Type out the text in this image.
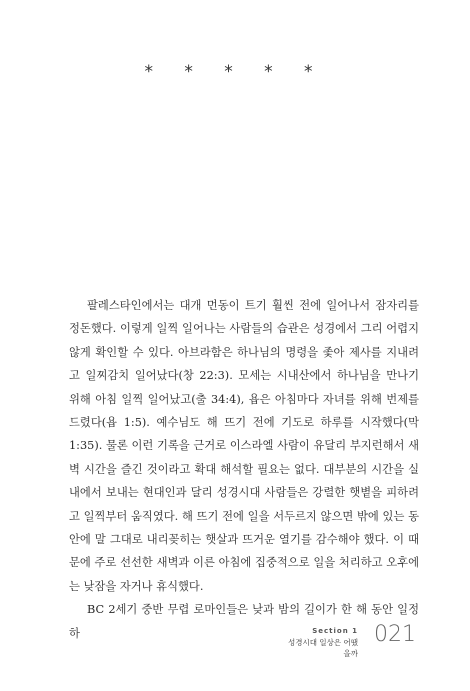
* * * * *

팔레스타인에서는 대개 먼동이 트기 훨씬 전에 일어나서 잠자리를 정돈했다. 이렇게 일찍 일어나는 사람들의 습관은 성경에서 그리 어렵지 않게 확인할 수 있다. 아브라함은 하나님의 명령을 좇아 제사를 지내려고 일찌감치 일어났다(창 22:3). 모세는 시내산에서 하나님을 만나기 위해 아침 일찍 일어났고(출 34:4), 욥은 아침마다 자녀를 위해 번제를 드렸다(욥 1:5). 예수님도 해 뜨기 전에 기도로 하루를 시작했다(막 1:35). 물론 이런 기록을 근거로 이스라엘 사람이 유달리 부지런해서 새벽 시간을 즐긴 것이라고 확대 해석할 필요는 없다. 대부분의 시간을 실내에서 보내는 현대인과 달리 성경시대 사람들은 강렬한 햇볕을 피하려고 일찍부터 움직였다. 해 뜨기 전에 일을 서두르지 않으면 밖에 있는 동안에 말 그대로 내리꽂히는 햇살과 뜨거운 열기를 감수해야 했다. 이 때문에 주로 선선한 새벽과 이른 아침에 집중적으로 일을 처리하고 오후에는 낮잠을 자거나 휴식했다.

BC 2세기 중반 무렵 로마인들은 낮과 밤의 길이가 한 해 동안 일정하	Section 1
성경시대 일상은 어땠을까
021
